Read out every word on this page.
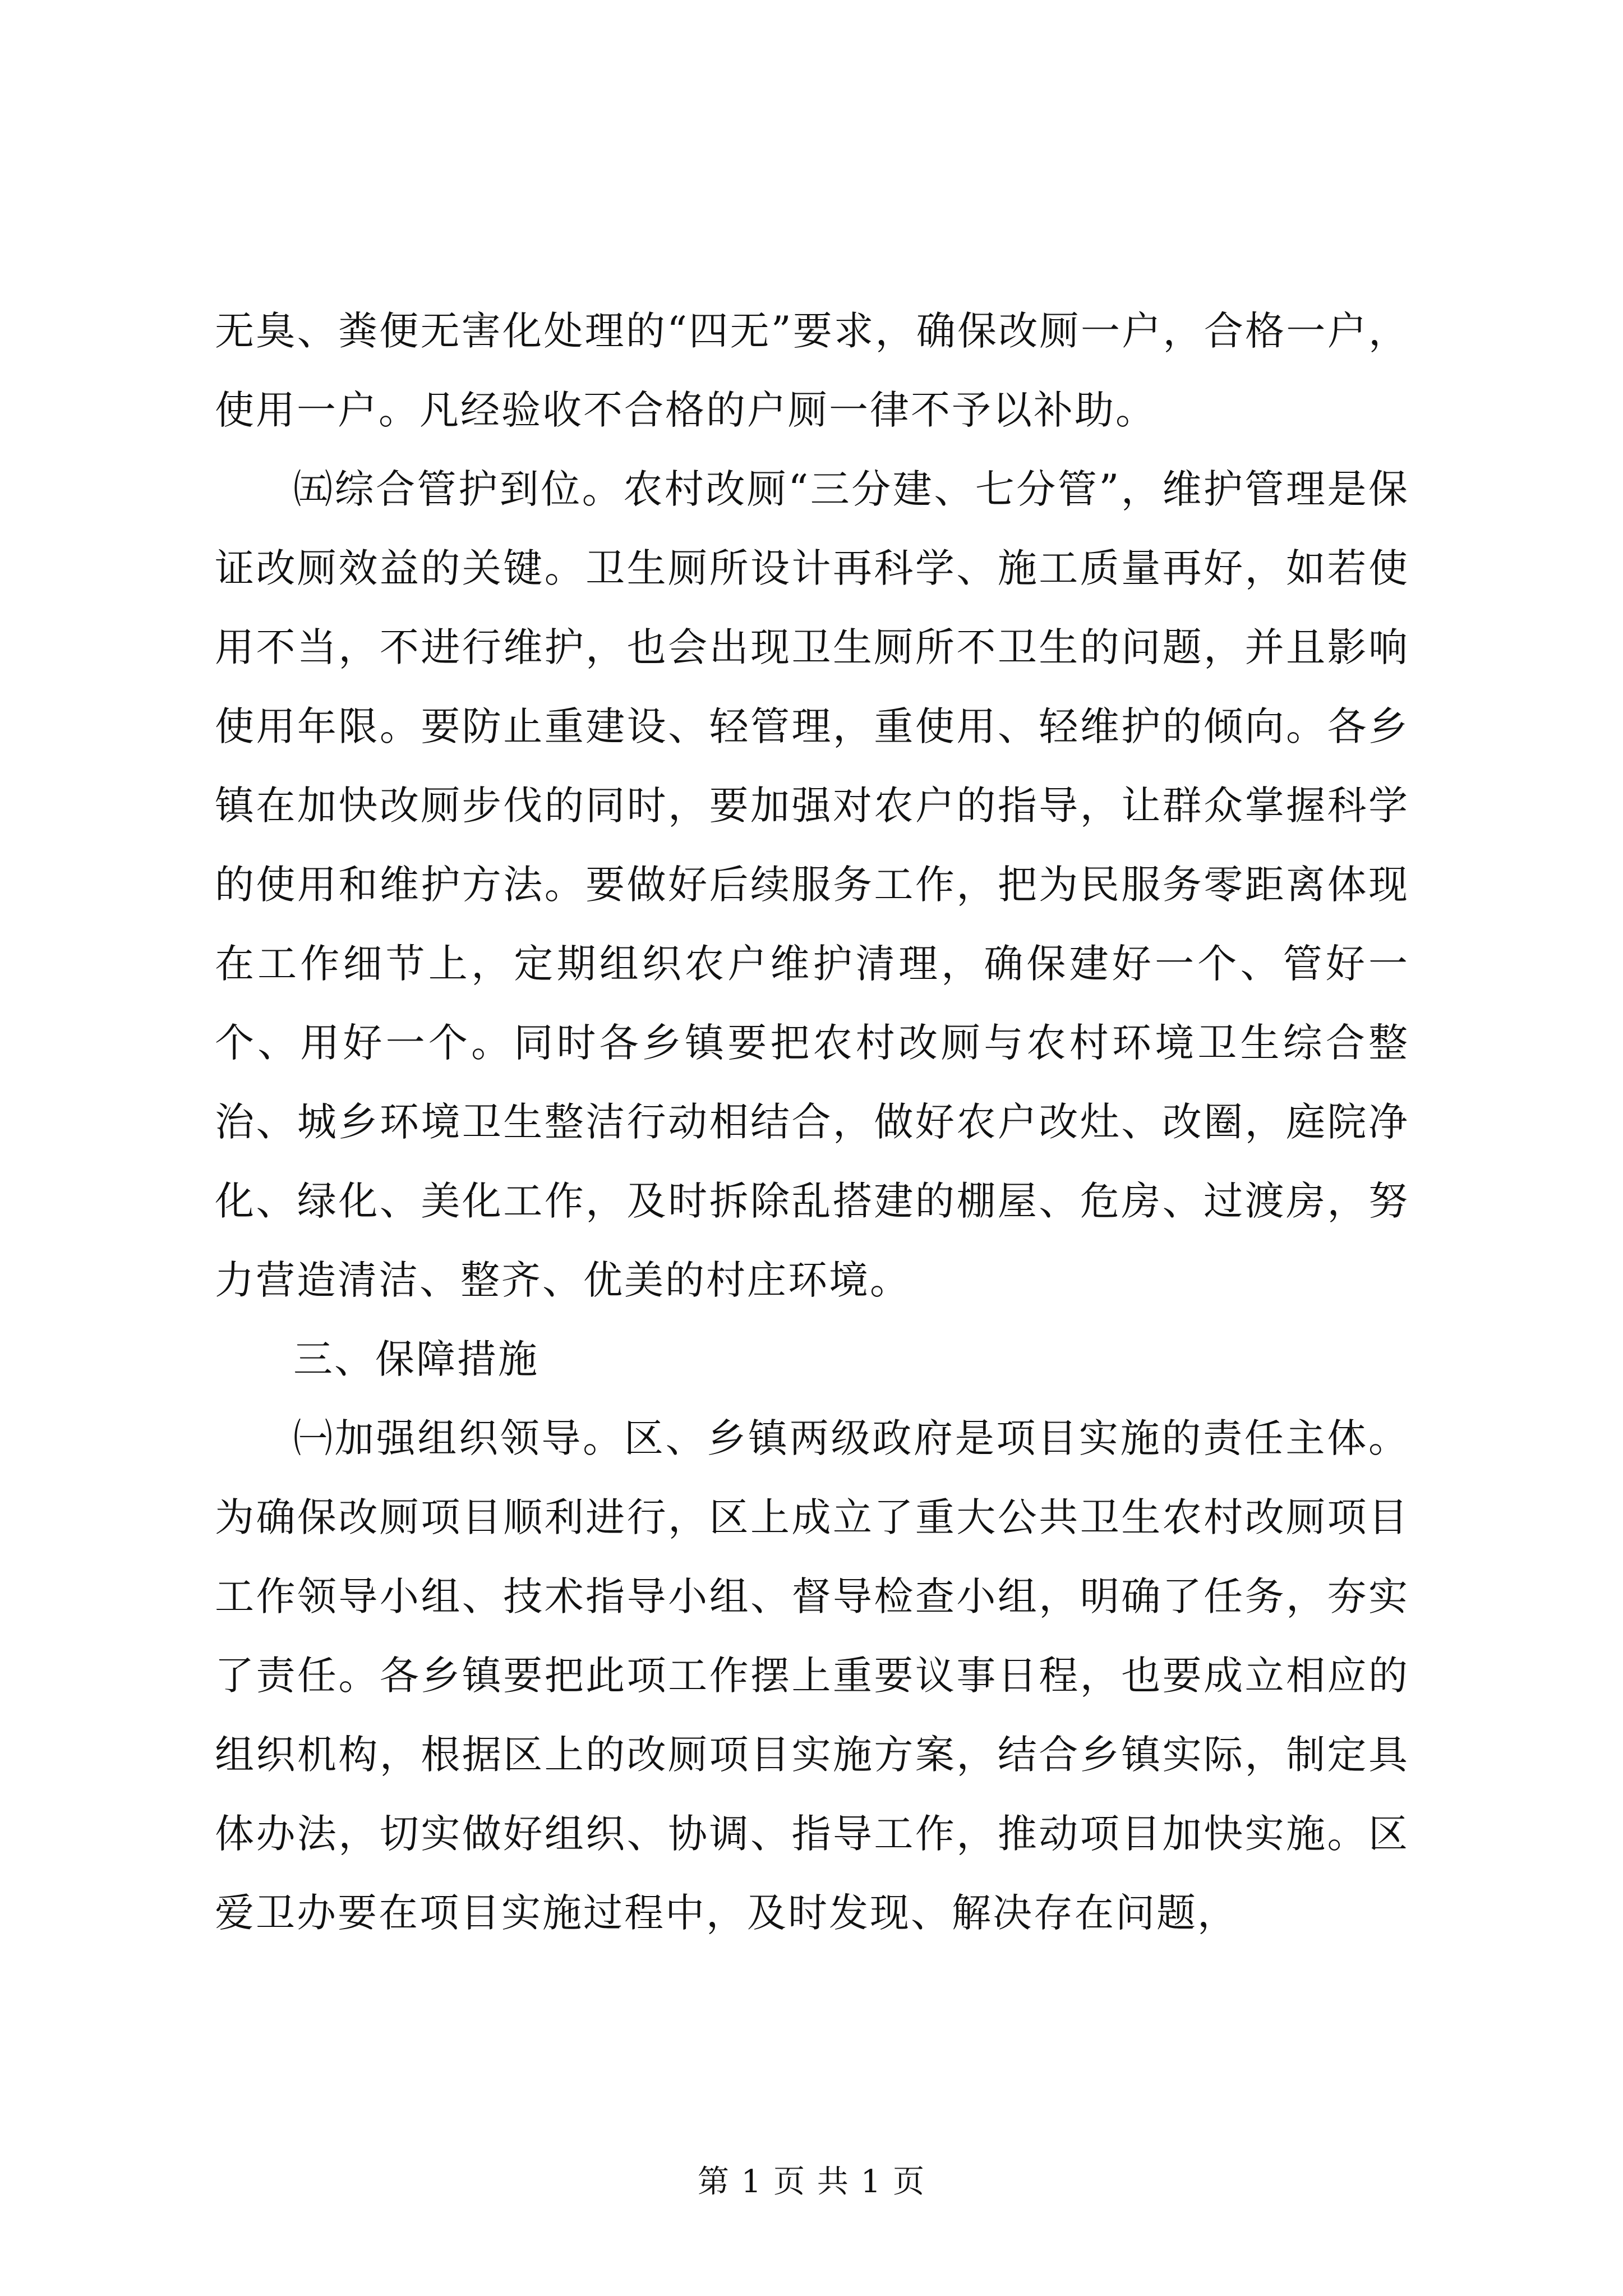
无臭、粪便无害化处理的“四无”要求，确保改厕一户，合格一户，使用一户。凡经验收不合格的户厕一律不予以补助。

㈤综合管护到位。农村改厕“三分建、七分管”，维护管理是保证改厕效益的关键。卫生厕所设计再科学、施工质量再好，如若使用不当，不进行维护，也会出现卫生厕所不卫生的问题，并且影响使用年限。要防止重建设、轻管理，重使用、轻维护的倾向。各乡镇在加快改厕步伐的同时，要加强对农户的指导，让群众掌握科学的使用和维护方法。要做好后续服务工作，把为民服务零距离体现在工作细节上，定期组织农户维护清理，确保建好一个、管好一个、用好一个。同时各乡镇要把农村改厕与农村环境卫生综合整治、城乡环境卫生整洁行动相结合，做好农户改灶、改圈，庭院净化、绿化、美化工作，及时拆除乱搭建的棚屋、危房、过渡房，努力营造清洁、整齐、优美的村庄环境。

三、保障措施

㈠加强组织领导。区、乡镇两级政府是项目实施的责任主体。为确保改厕项目顺利进行，区上成立了重大公共卫生农村改厕项目工作领导小组、技术指导小组、督导检查小组，明确了任务，夯实了责任。各乡镇要把此项工作摆上重要议事日程，也要成立相应的组织机构，根据区上的改厕项目实施方案，结合乡镇实际，制定具体办法，切实做好组织、协调、指导工作，推动项目加快实施。区爱卫办要在项目实施过程中，及时发现、解决存在问题，

第 1 页 共 1 页
